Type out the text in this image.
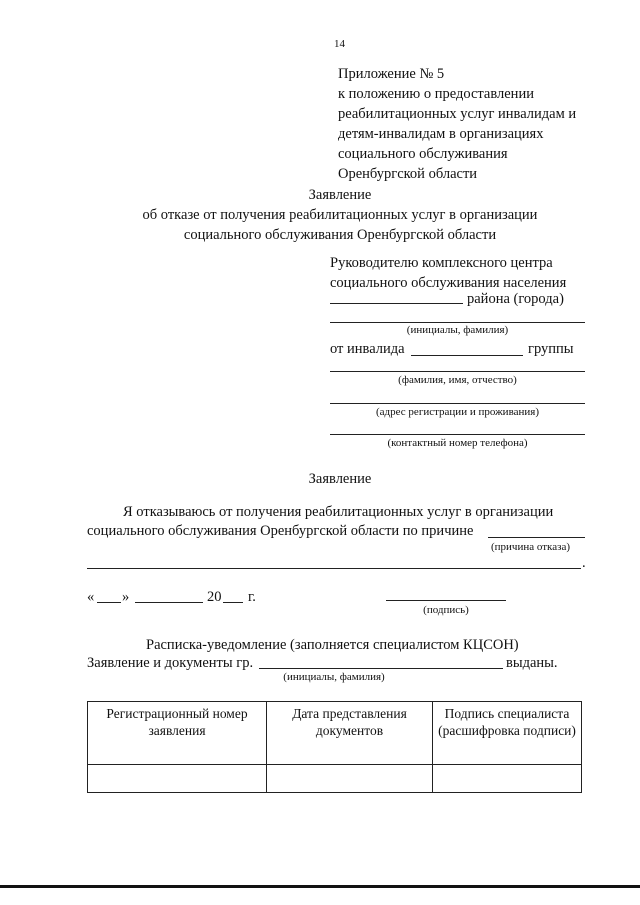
14
Приложение № 5
к положению о предоставлении
реабилитационных услуг инвалидам и
детям-инвалидам в организациях
социального обслуживания
Оренбургской области
Заявление
об отказе от получения реабилитационных услуг в организации
социального обслуживания Оренбургской области
Руководителю комплексного центра
социального обслуживания населения
района (города)
(инициалы, фамилия)
от инвалида	группы
(фамилия, имя, отчество)
(адрес регистрации и проживания)
(контактный номер телефона)
Заявление
Я отказываюсь от получения реабилитационных услуг в организации
социального обслуживания Оренбургской области по причине
(причина отказа)
.
« »	20 г.
(подпись)
Расписка-уведомление (заполняется специалистом КЦСОН)
Заявление и документы гр.	выданы.
(инициалы, фамилия)
Регистрационный номер заявления	Дата представления документов	Подпись специалиста (расшифровка подписи)
